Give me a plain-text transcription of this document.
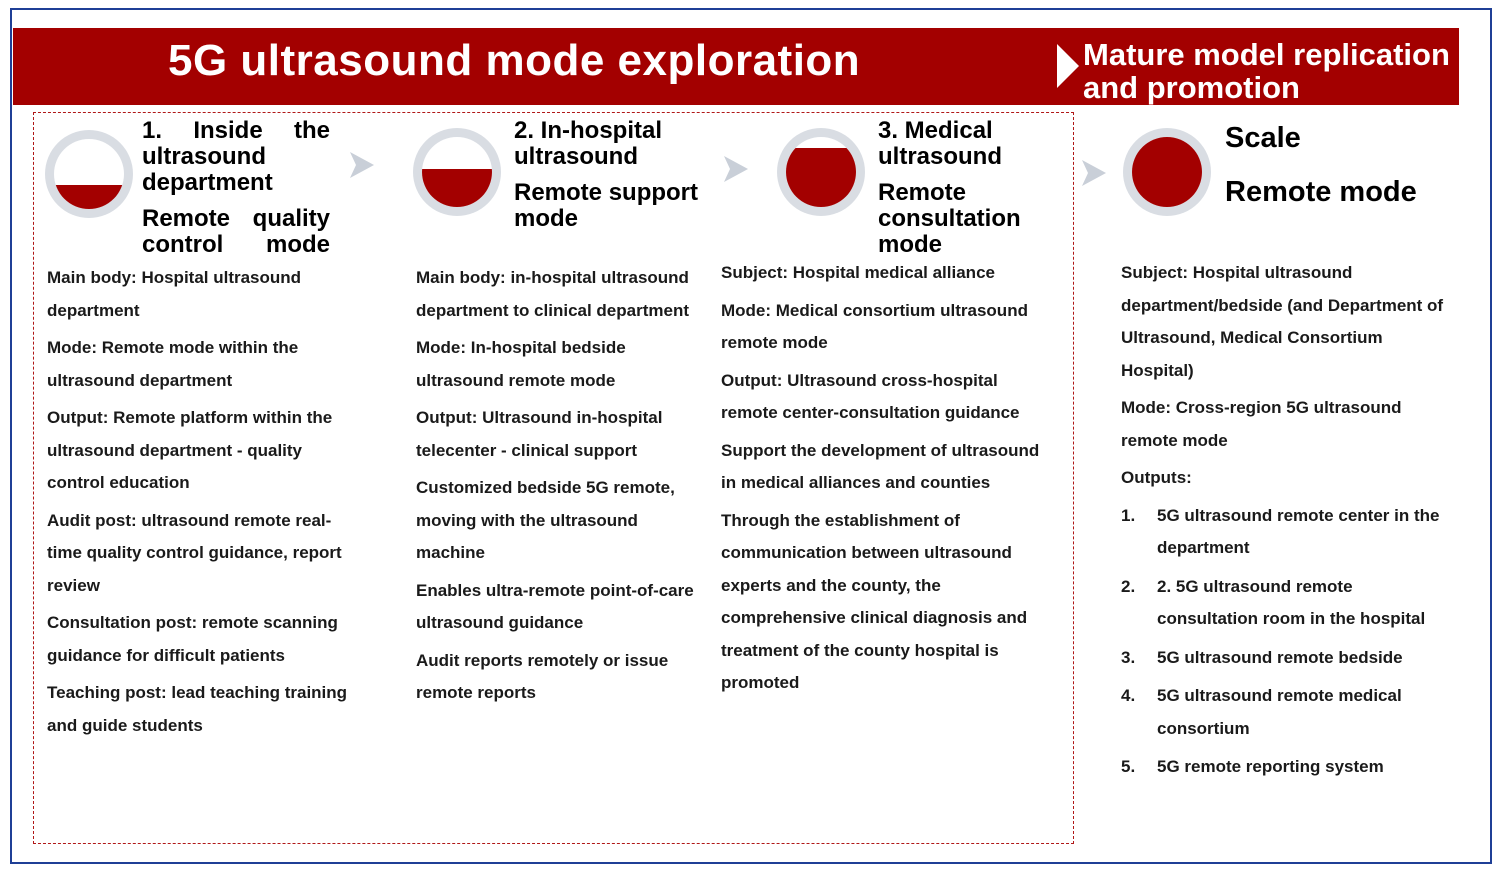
5G ultrasound mode exploration	Mature model replication and promotion
1. Inside the ultrasound department
Remote quality control mode

Main body: Hospital ultrasound department

Mode: Remote mode within the ultrasound department

Output: Remote platform within the ultrasound department - quality control education

Audit post: ultrasound remote real-time quality control guidance, report review

Consultation post: remote scanning guidance for difficult patients

Teaching post: lead teaching training and guide students

2. In-hospital ultrasound
Remote support mode

Main body: in-hospital ultrasound department to clinical department

Mode: In-hospital bedside ultrasound remote mode

Output: Ultrasound in-hospital telecenter - clinical support

Customized bedside 5G remote, moving with the ultrasound machine

Enables ultra-remote point-of-care ultrasound guidance

Audit reports remotely or issue remote reports

3. Medical ultrasound
Remote consultation mode

Subject: Hospital medical alliance

Mode: Medical consortium ultrasound remote mode

Output: Ultrasound cross-hospital remote center-consultation guidance

Support the development of ultrasound in medical alliances and counties

Through the establishment of communication between ultrasound experts and the county, the comprehensive clinical diagnosis and treatment of the county hospital is promoted

Scale
Remote mode

Subject: Hospital ultrasound department/bedside (and Department of Ultrasound, Medical Consortium Hospital)

Mode: Cross-region 5G ultrasound remote mode

Outputs:

1.	5G ultrasound remote center in the department
2.	2. 5G ultrasound remote consultation room in the hospital
3.	5G ultrasound remote bedside
4.	5G ultrasound remote medical consortium
5.	5G remote reporting system
